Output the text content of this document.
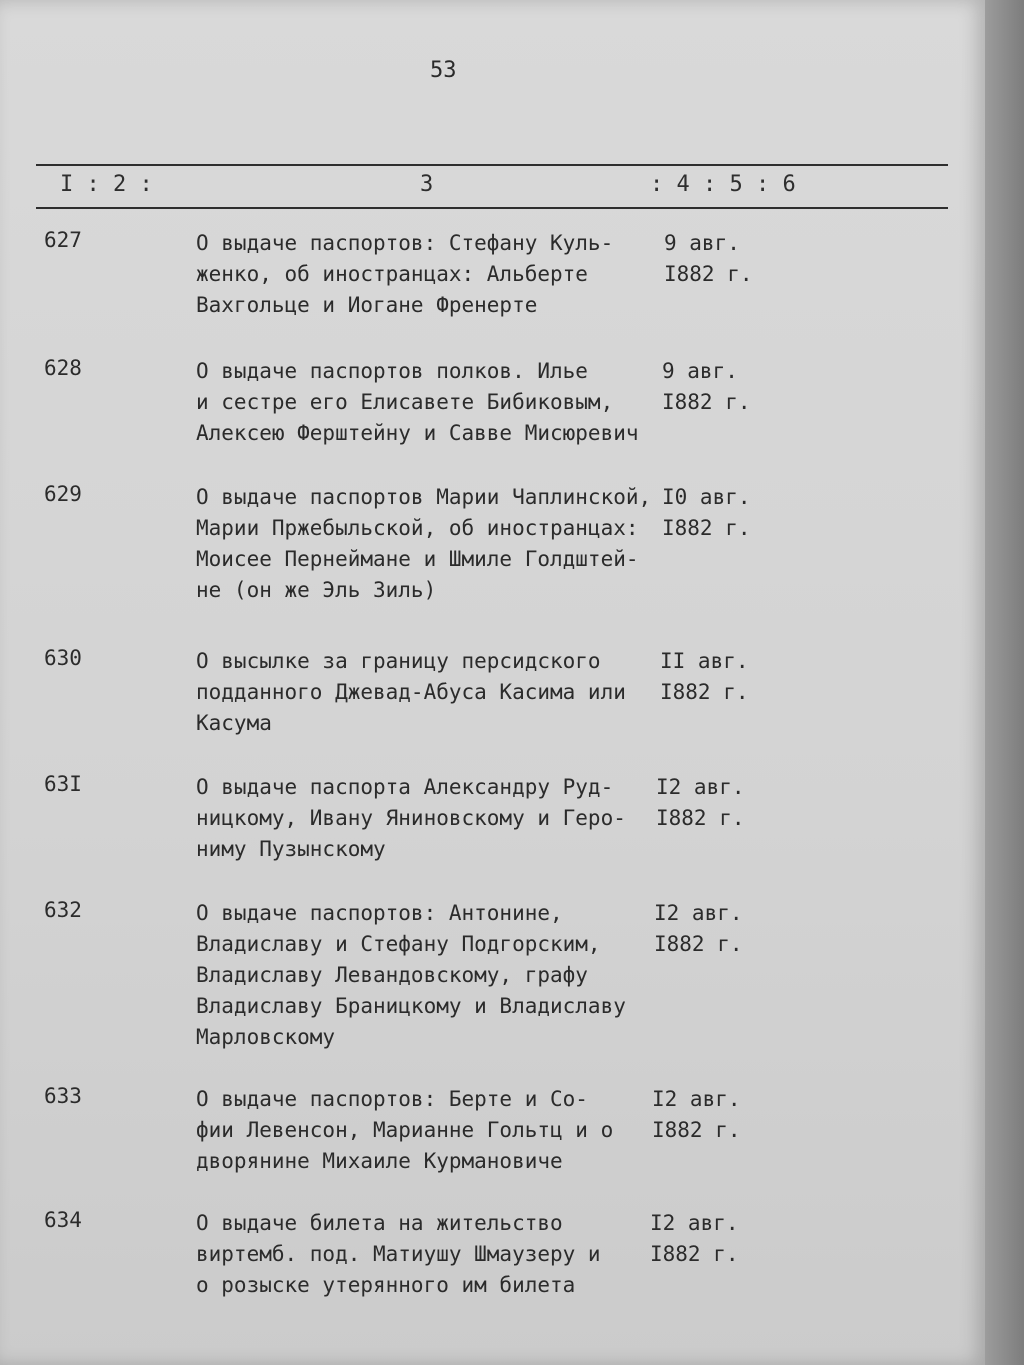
53
I : 2 :	3	: 4 : 5 : 6
627	О выдаче паспортов: Стефану Куль-
женко, об иностранцах: Альберте
Вахгольце и Иогане Френерте
9 авг.
I882 г.
628	О выдаче паспортов полков. Илье
и сестре его Елисавете Бибиковым,
Алексею Ферштейну и Савве Мисюревич
9 авг.
I882 г.
629	О выдаче паспортов Марии Чаплинской,
Марии Пржебыльской, об иностранцах:
Моисее Пернеймане и Шмиле Голдштей-
не (он же Эль Зиль)
I0 авг.
I882 г.
630	О высылке за границу персидского
подданного Джевад-Абуса Касима или
Касума
II авг.
I882 г.
63I	О выдаче паспорта Александру Руд-
ницкому, Ивану Яниновскому и Геро-
ниму Пузынскому
I2 авг.
I882 г.
632	О выдаче паспортов: Антонине,
Владиславу и Стефану Подгорским,
Владиславу Левандовскому, графу
Владиславу Браницкому и Владиславу
Марловскому
I2 авг.
I882 г.
633	О выдаче паспортов: Берте и Со-
фии Левенсон, Марианне Гольтц и о
дворянине Михаиле Курмановиче
I2 авг.
I882 г.
634	О выдаче билета на жительство
виртемб. под. Матиушу Шмаузеру и
о розыске утерянного им билета
I2 авг.
I882 г.
